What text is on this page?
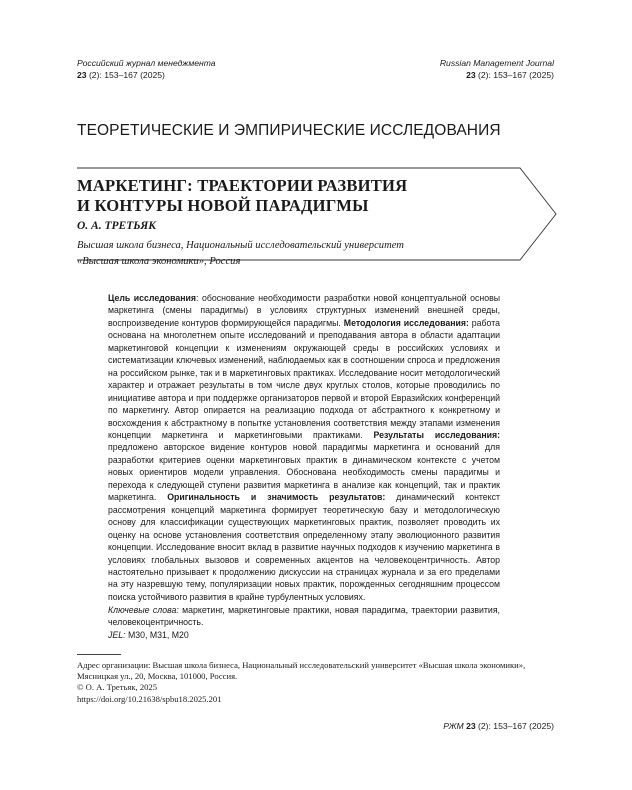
Российский журнал менеджмента
23 (2): 153–167 (2025)
Russian Management Journal
23 (2): 153–167 (2025)
ТЕОРЕТИЧЕСКИЕ И ЭМПИРИЧЕСКИЕ ИССЛЕДОВАНИЯ
МАРКЕТИНГ: ТРАЕКТОРИИ РАЗВИТИЯ
И КОНТУРЫ НОВОЙ ПАРАДИГМЫ
О. А. ТРЕТЬЯК
Высшая школа бизнеса, Национальный исследовательский университет
«Высшая школа экономики», Россия

Цель исследования: обоснование необходимости разработки новой концептуальной основы маркетинга (смены парадигмы) в условиях структурных изменений внешней среды, воспроизведение контуров формирующейся парадигмы. Методология исследования: работа основана на многолетнем опыте исследований и преподавания автора в области адаптации маркетинговой концепции к изменениям окружающей среды в российских условиях и систематизации ключевых изменений, наблюдаемых как в соотношении спроса и предложения на российском рынке, так и в маркетинговых практиках. Исследование носит методологический характер и отражает результаты в том числе двух круглых столов, которые проводились по инициативе автора и при поддержке организаторов первой и второй Евразийских конференций по маркетингу. Автор опирается на реализацию подхода от абстрактного к конкретному и восхождения к абстрактному в попытке установления соответствия между этапами изменения концепции маркетинга и маркетинговыми практиками. Результаты исследования: предложено авторское видение контуров новой парадигмы маркетинга и оснований для разработки критериев оценки маркетинговых практик в динамическом контексте с учетом новых ориентиров модели управления. Обоснована необходимость смены парадигмы и перехода к следующей ступени развития маркетинга в анализе как концепций, так и практик маркетинга. Оригинальность и значимость результатов: динамический контекст рассмотрения концепций маркетинга формирует теоретическую базу и методологическую основу для классификации существующих маркетинговых практик, позволяет проводить их оценку на основе установления соответствия определенному этапу эволюционного развития концепции. Исследование вносит вклад в развитие научных подходов к изучению маркетинга в условиях глобальных вызовов и современных акцентов на человекоцентричность. Автор настоятельно призывает к продолжению дискуссии на страницах журнала и за его пределами на эту назревшую тему, популяризации новых практик, порожденных сегодняшним процессом поиска устойчивого развития в крайне турбулентных условиях.

Ключевые слова: маркетинг, маркетинговые практики, новая парадигма, траектории развития, человекоцентричность.
JEL: M30, M31, M20
Адрес организации: Высшая школа бизнеса, Национальный исследовательский университет «Высшая школа экономики», Мясницкая ул., 20, Москва, 101000, Россия.
© О. А. Третьяк, 2025
https://doi.org/10.21638/spbu18.2025.201
РЖМ 23 (2): 153–167 (2025)
